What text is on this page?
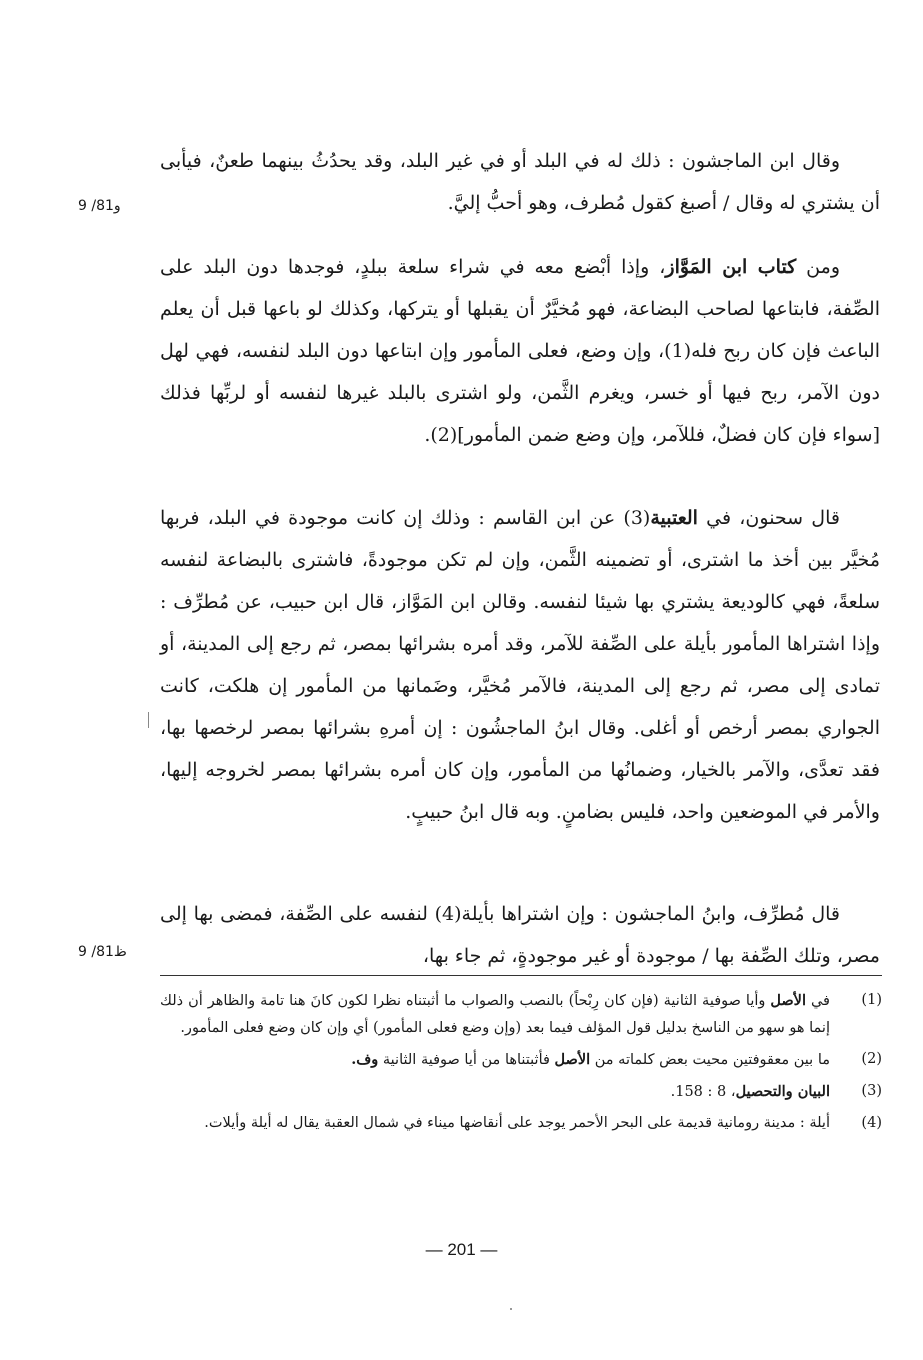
وقال ابن الماجشون : ذلك له في البلد أو في غير البلد، وقد يحدُثُ بينهما طعنٌ، فيأبى أن يشتري له وقال / أصبغ كقول مُطرف، وهو أحبُّ إليَّ.

9 /81و

ومن كتاب ابن المَوَّاز، وإذا أبْضع معه في شراء سلعة ببلدٍ، فوجدها دون البلد على الصِّفة، فابتاعها لصاحب البضاعة، فهو مُخيَّرٌ أن يقبلها أو يتركها، وكذلك لو باعها قبل أن يعلم الباعث فإن كان ربح فله(1)، وإن وضع، فعلى المأمور وإن ابتاعها دون البلد لنفسه، فهي لهل دون الآمر، ربح فيها أو خسر، ويغرم الثَّمن، ولو اشترى بالبلد غيرها لنفسه أو لربِّها فذلك [سواء فإن كان فضلٌ، فللآمر، وإن وضع ضمن المأمور](2).

قال سحنون، في العتبية(3) عن ابن القاسم : وذلك إن كانت موجودة في البلد، فربها مُخيَّر بين أخذ ما اشترى، أو تضمينه الثَّمن، وإن لم تكن موجودةً، فاشترى بالبضاعة لنفسه سلعةً، فهي كالوديعة يشتري بها شيئا لنفسه. وقالن ابن المَوَّاز، قال ابن حبيب، عن مُطرِّف : وإذا اشتراها المأمور بأيلة على الصِّفة للآمر، وقد أمره بشرائها بمصر، ثم رجع إلى المدينة، أو تمادى إلى مصر، ثم رجع إلى المدينة، فالآمر مُخيَّر، وضَمانها من المأمور إن هلكت، كانت الجواري بمصر أرخص أو أغلى. وقال ابنُ الماجشُون : إن أمرهِ بشرائها بمصر لرخصها بها، فقد تعدَّى، والآمر بالخيار، وضمانُها من المأمور، وإن كان أمره بشرائها بمصر لخروجه إليها، والأمر في الموضعين واحد، فليس بضامنٍ. وبه قال ابنُ حبيبٍ.

قال مُطرِّف، وابنُ الماجشون : وإن اشتراها بأيلة(4) لنفسه على الصِّفة، فمضى بها إلى مصر، وتلك الصِّفة بها / موجودة أو غير موجودةٍ، ثم جاء بها،

9 /81ظ
(1)
في الأصل وأيا صوفية الثانية (فإن كان رِبْحاً) بالنصب والصواب ما أثبتناه نظرا لكون كانَ هنا تامة والظاهر أن ذلك إنما هو سهو من الناسخ بدليل قول المؤلف فيما بعد (وإن وضع فعلى المأمور) أي وإن كان وضع فعلى المأمور.
(2)
ما بين معقوفتين محيت بعض كلماته من الأصل فأثبتناها من أيا صوفية الثانية وف.
(3)
البيان والتحصيل، 8 : 158.
(4)
أيلة : مدينة رومانية قديمة على البحر الأحمر يوجد على أنقاضها ميناء في شمال العقبة يقال له أيلة وأيلات.
— 201 —
